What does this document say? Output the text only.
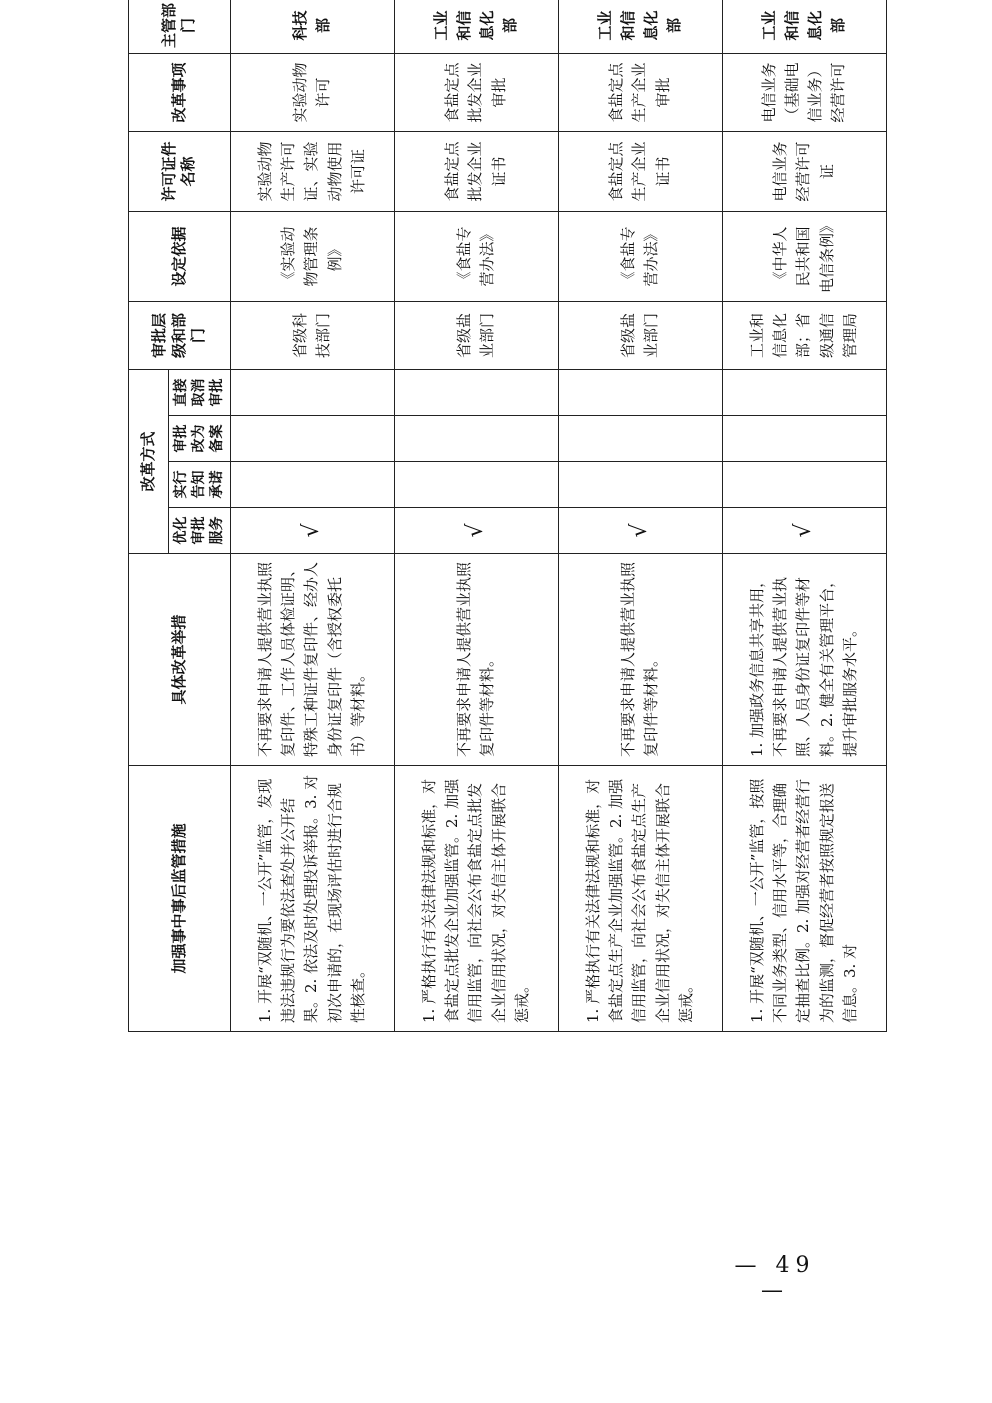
加强事中事后监管措施	具体改革举措	改革方式				审批层级和部门	设定依据	许可证件名称	改革事项	主管部门	
		优化审批服务	实行告知承诺	审批改为备案	直接取消审批						
1. 开展“双随机、一公开”监管，发现违法违规行为要依法查处并公开结果。2. 依法及时处理投诉举报。3. 对初次申请的，在现场评估时进行合规性核查。	不再要求申请人提供营业执照复印件、工作人员体检证明、特殊工种证件复印件、经办人身份证复印件（含授权委托书）等材料。	√				省级科技部门	《实验动物管理条例》	实验动物生产许可证、实验动物使用许可证	实验动物许可	科技部	
1. 严格执行有关法律法规和标准，对食盐定点批发企业加强监管。2. 加强信用监管，向社会公布食盐定点批发企业信用状况，对失信主体开展联合惩戒。	不再要求申请人提供营业执照复印件等材料。	√				省级盐业部门	《食盐专营办法》	食盐定点批发企业证书	食盐定点批发企业审批	工业和信息化部	
1. 严格执行有关法律法规和标准，对食盐定点生产企业加强监管。2. 加强信用监管，向社会公布食盐定点生产企业信用状况，对失信主体开展联合惩戒。	不再要求申请人提供营业执照复印件等材料。	√				省级盐业部门	《食盐专营办法》	食盐定点生产企业证书	食盐定点生产企业审批	工业和信息化部	
1. 开展“双随机、一公开”监管，按照不同业务类型、信用水平等，合理确定抽查比例。2. 加强对经营者经营行为的监测，督促经营者按照规定报送信息。3. 对	1. 加强政务信息共享共用，不再要求申请人提供营业执照、人员身份证复印件等材料。2. 健全有关管理平台，提升审批服务水平。	√				工业和信息化部；省级通信管理局	《中华人民共和国电信条例》	电信业务经营许可证	电信业务（基础电信业务）经营许可	工业和信息化部	
— 49 —
